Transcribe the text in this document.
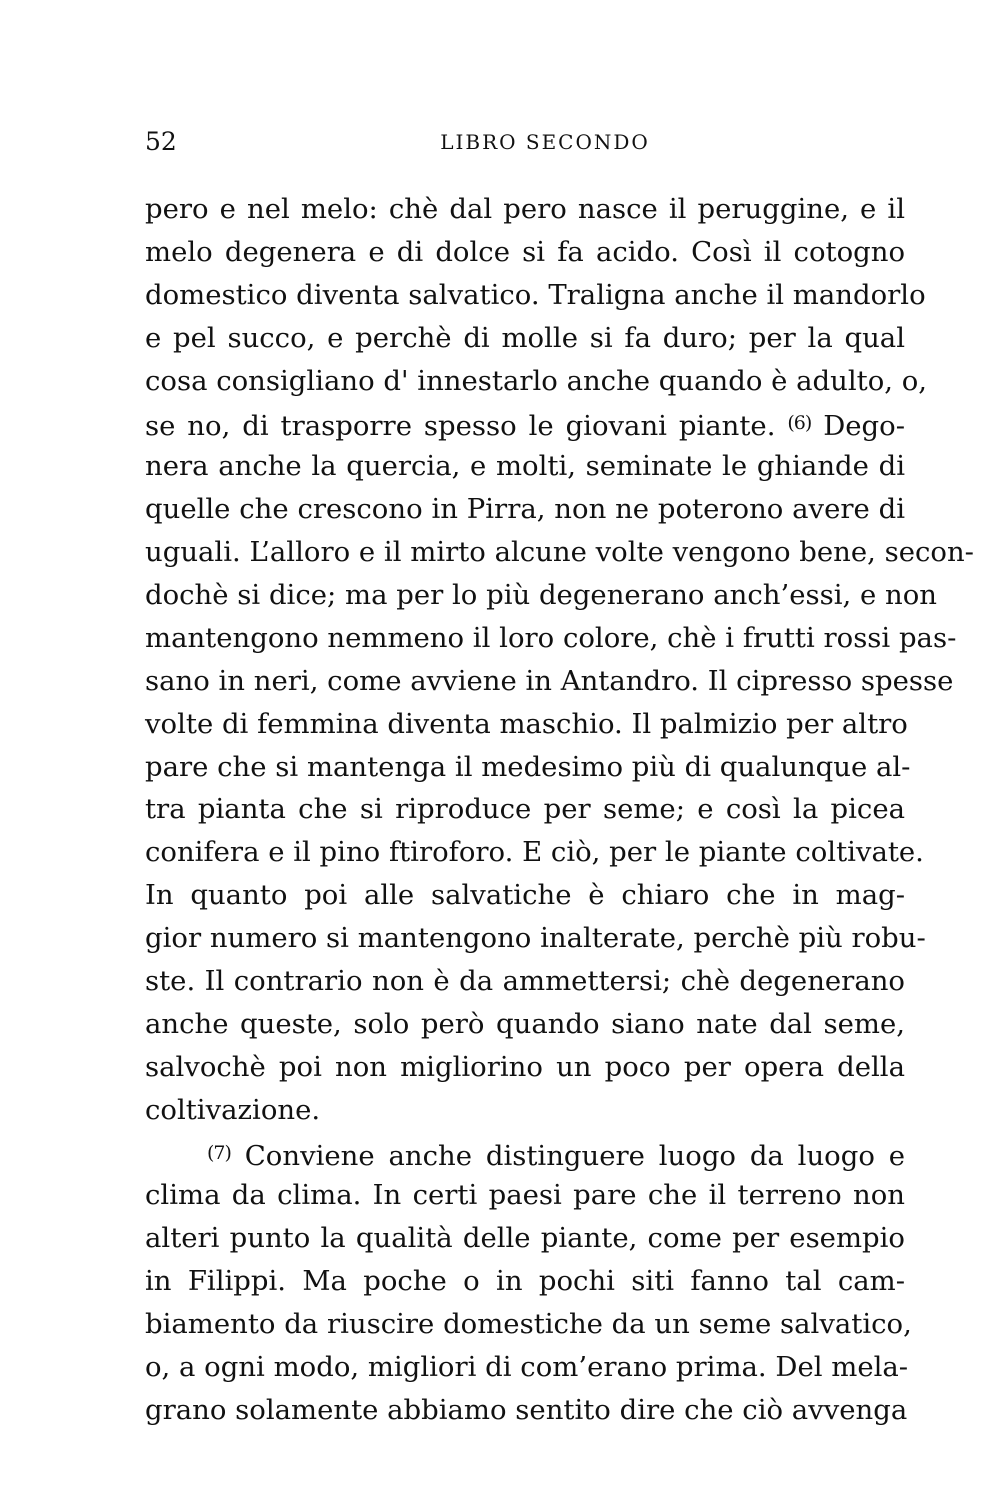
52	LIBRO SECONDO
pero e nel melo: chè dal pero nasce il peruggine, e il
melo degenera e di dolce si fa acido. Così il cotogno
domestico diventa salvatico. Traligna anche il mandorlo
e pel succo, e perchè di molle si fa duro; per la qual
cosa consigliano d' innestarlo anche quando è adulto, o,
se no, di trasporre spesso le giovani piante. $^{(6)}$ Dego-
nera anche la quercia, e molti, seminate le ghiande di
quelle che crescono in Pirra, non ne poterono avere di
uguali. L’alloro e il mirto alcune volte vengono bene, secon-
dochè si dice; ma per lo più degenerano anch’essi, e non
mantengono nemmeno il loro colore, chè i frutti rossi pas-
sano in neri, come avviene in Antandro. Il cipresso spesse
volte di femmina diventa maschio. Il palmizio per altro
pare che si mantenga il medesimo più di qualunque al-
tra pianta che si riproduce per seme; e così la picea
conifera e il pino ftiroforo. E ciò, per le piante coltivate.
In quanto poi alle salvatiche è chiaro che in mag-
gior numero si mantengono inalterate, perchè più robu-
ste. Il contrario non è da ammettersi; chè degenerano
anche queste, solo però quando siano nate dal seme,
salvochè poi non migliorino un poco per opera della
coltivazione.
$^{(7)}$ Conviene anche distinguere luogo da luogo e
clima da clima. In certi paesi pare che il terreno non
alteri punto la qualità delle piante, come per esempio
in Filippi. Ma poche o in pochi siti fanno tal cam-
biamento da riuscire domestiche da un seme salvatico,
o, a ogni modo, migliori di com’erano prima. Del mela-
grano solamente abbiamo sentito dire che ciò avvenga
